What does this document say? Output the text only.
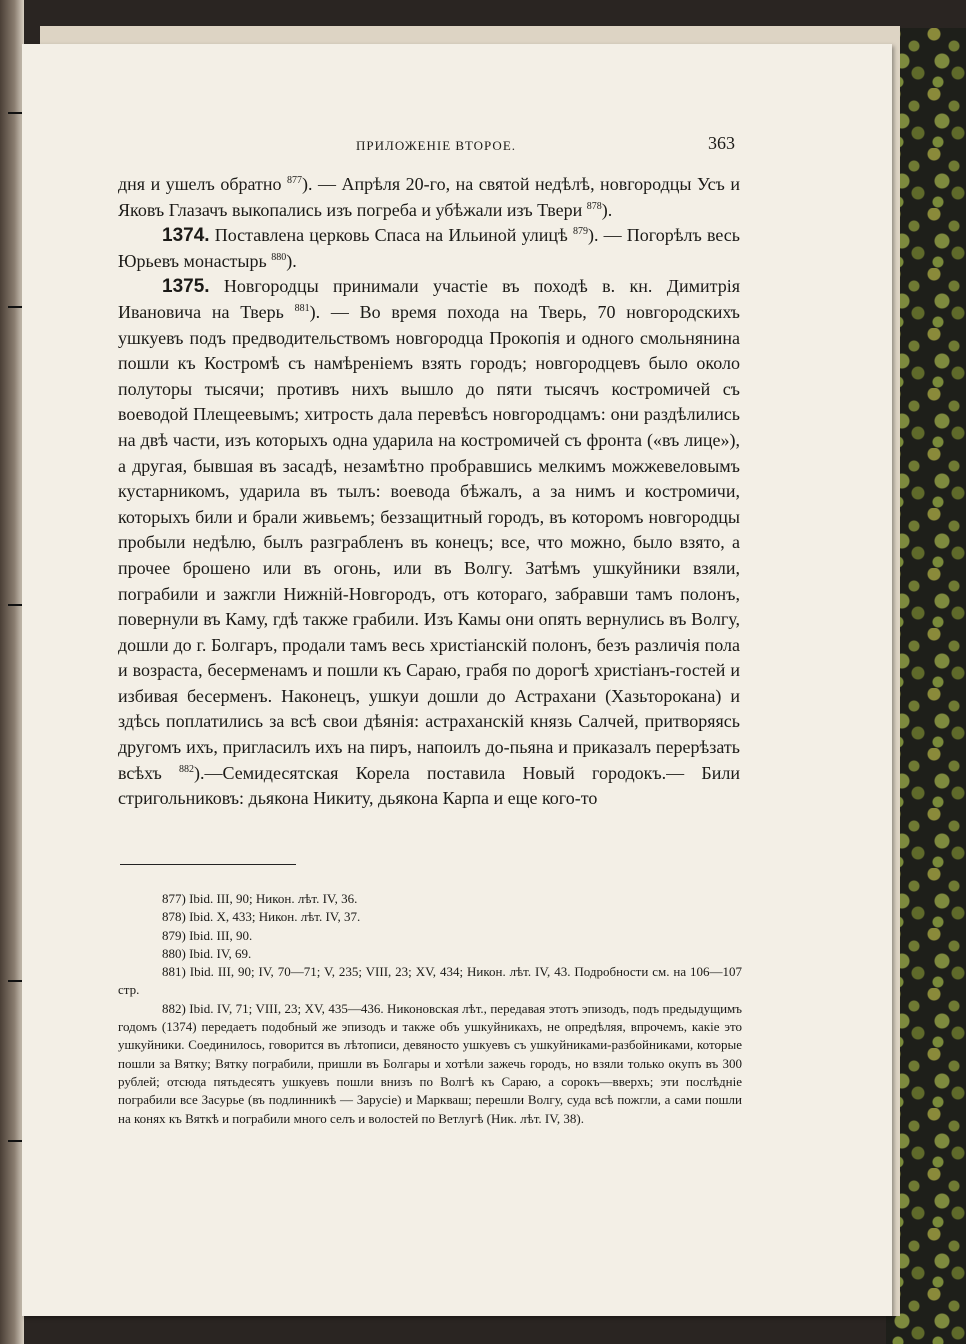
ПРИЛОЖЕНІЕ ВТОРОЕ.	363

дня и ушелъ обратно $^{877}$). — Апрѣля 20-го, на святой недѣлѣ, новгородцы Усъ и Яковъ Глазачъ выкопались изъ погреба и убѣжали изъ Твери $^{878}$).

1374. Поставлена церковь Спаса на Ильиной улицѣ $^{879}$). — Погорѣлъ весь Юрьевъ монастырь $^{880}$).

1375. Новгородцы принимали участіе въ походѣ в. кн. Димитрія Ивановича на Тверь $^{881}$). — Во время похода на Тверь, 70 новгородскихъ ушкуевъ подъ предводительствомъ новгородца Прокопія и одного смольнянина пошли къ Костромѣ съ намѣреніемъ взять городъ; новгородцевъ было около полуторы тысячи; противъ нихъ вышло до пяти тысячъ костромичей съ воеводой Плещеевымъ; хитрость дала перевѣсъ новгородцамъ: они раздѣлились на двѣ части, изъ которыхъ одна ударила на костромичей съ фронта («въ лице»), а другая, бывшая въ засадѣ, незамѣтно пробравшись мелкимъ можжевеловымъ кустарникомъ, ударила въ тылъ: воевода бѣжалъ, а за нимъ и костромичи, которыхъ били и брали живьемъ; беззащитный городъ, въ которомъ новгородцы пробыли недѣлю, былъ разграбленъ въ конецъ; все, что можно, было взято, а прочее брошено или въ огонь, или въ Волгу. Затѣмъ ушкуйники взяли, пограбили и зажгли Нижній-Новгородъ, отъ котораго, забравши тамъ полонъ, повернули въ Каму, гдѣ также грабили. Изъ Камы они опять вернулись въ Волгу, дошли до г. Болгаръ, продали тамъ весь христіанскій полонъ, безъ различія пола и возраста, бесерменамъ и пошли къ Сараю, грабя по дорогѣ христіанъ-гостей и избивая бесерменъ. Наконецъ, ушкуи дошли до Астрахани (Хазьторокана) и здѣсь поплатились за всѣ свои дѣянія: астраханскій князь Салчей, притворяясь другомъ ихъ, пригласилъ ихъ на пиръ, напоилъ до-пьяна и приказалъ перерѣзать всѣхъ $^{882}$).—Семидесятская Корела поставила Новый городокъ.— Били стригольниковъ: дьякона Никиту, дьякона Карпа и еще кого-то

877) Ibid. III, 90; Никон. лѣт. IV, 36.

878) Ibid. X, 433; Никон. лѣт. IV, 37.

879) Ibid. III, 90.

880) Ibid. IV, 69.

881) Ibid. III, 90; IV, 70—71; V, 235; VIII, 23; XV, 434; Никон. лѣт. IV, 43. Подробности см. на 106—107 стр.

882) Ibid. IV, 71; VIII, 23; XV, 435—436. Никоновская лѣт., передавая этотъ эпизодъ, подъ предыдущимъ годомъ (1374) передаетъ подобный же эпизодъ и также объ ушкуйникахъ, не опредѣляя, впрочемъ, какіе это ушкуйники. Соединилось, говорится въ лѣтописи, девяносто ушкуевъ съ ушкуйниками-разбойниками, которые пошли за Вятку; Вятку пограбили, пришли въ Болгары и хотѣли зажечь городъ, но взяли только окупъ въ 300 рублей; отсюда пятьдесятъ ушкуевъ пошли внизъ по Волгѣ къ Сараю, а сорокъ—вверхъ; эти послѣдніе пограбили все Засурье (въ подлинникѣ — Зарусіе) и Маркваш; перешли Волгу, суда всѣ пожгли, а сами пошли на конях къ Вяткѣ и пограбили много селъ и волостей по Ветлугѣ (Ник. лѣт. IV, 38).
